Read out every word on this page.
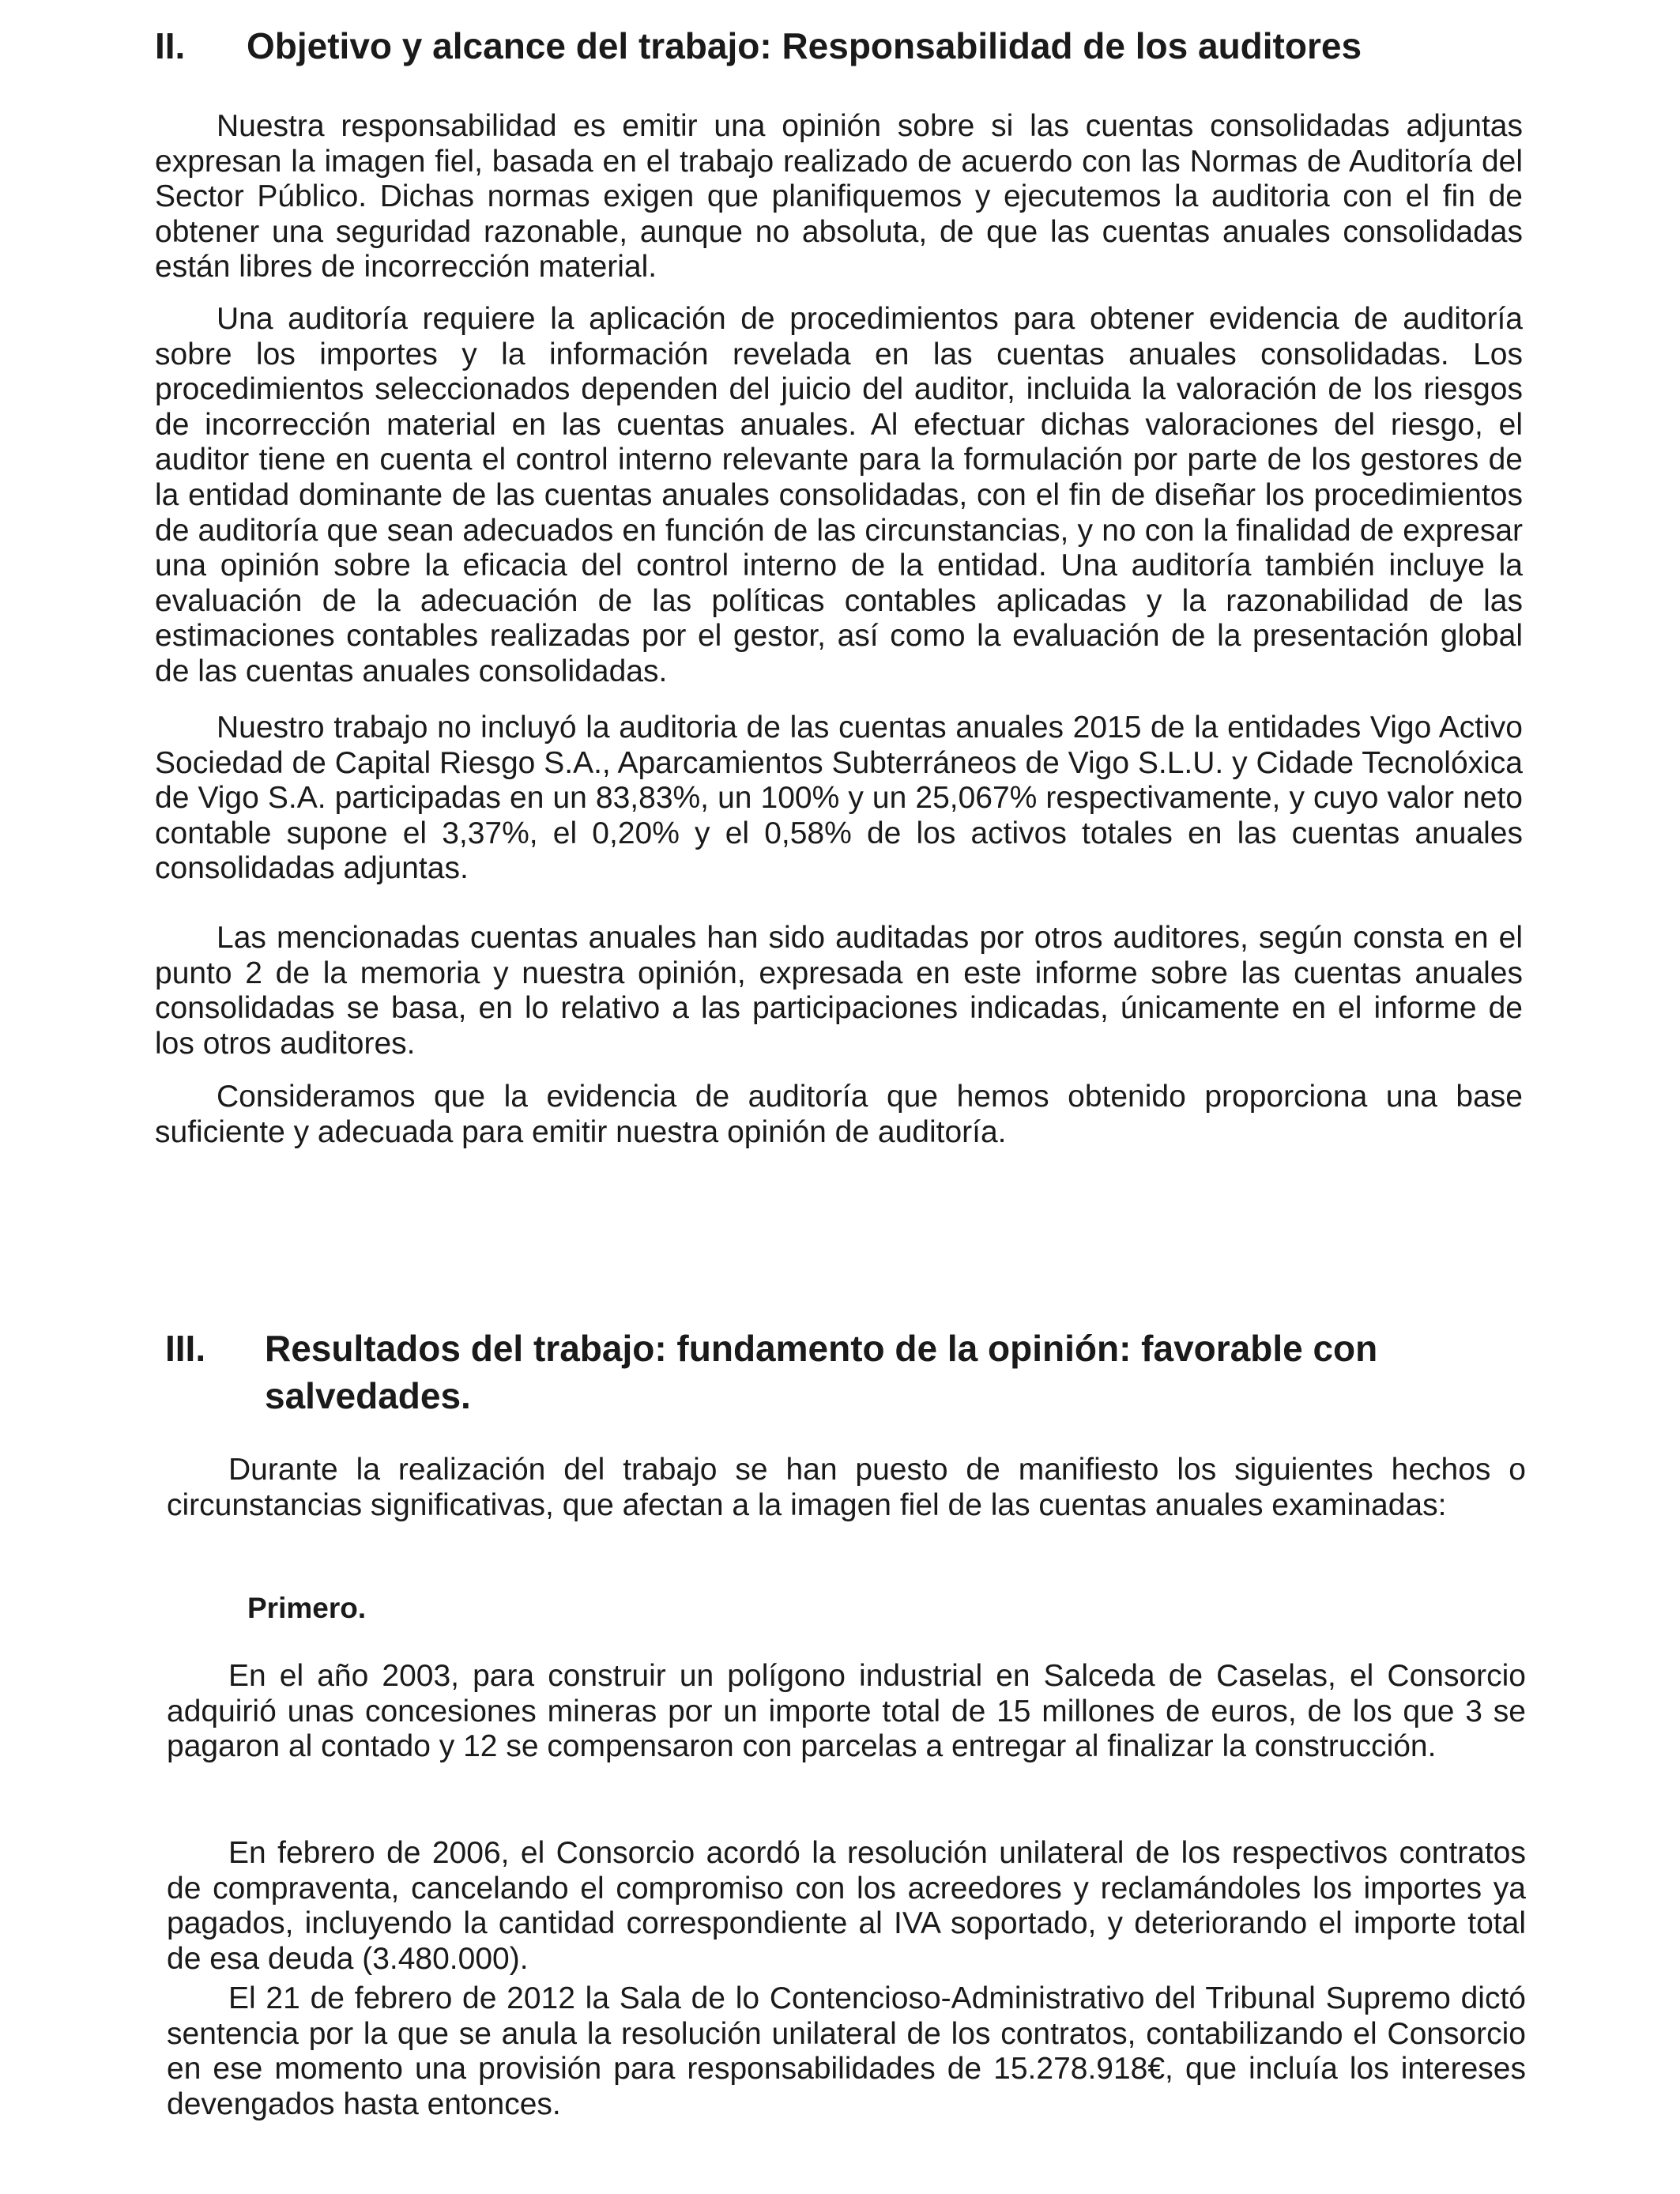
II. Objetivo y alcance del trabajo: Responsabilidad de los auditores

Nuestra responsabilidad es emitir una opinión sobre si las cuentas consolidadas adjuntas expresan la imagen fiel, basada en el trabajo realizado de acuerdo con las Normas de Auditoría del Sector Público. Dichas normas exigen que planifiquemos y ejecutemos la auditoria con el fin de obtener una seguridad razonable, aunque no absoluta, de que las cuentas anuales consolidadas están libres de incorrección material.

Una auditoría requiere la aplicación de procedimientos para obtener evidencia de auditoría sobre los importes y la información revelada en las cuentas anuales consolidadas. Los procedimientos seleccionados dependen del juicio del auditor, incluida la valoración de los riesgos de incorrección material en las cuentas anuales. Al efectuar dichas valoraciones del riesgo, el auditor tiene en cuenta el control interno relevante para la formulación por parte de los gestores de la entidad dominante de las cuentas anuales consolidadas, con el fin de diseñar los procedimientos de auditoría que sean adecuados en función de las circunstancias, y no con la finalidad de expresar una opinión sobre la eficacia del control interno de la entidad. Una auditoría también incluye la evaluación de la adecuación de las políticas contables aplicadas y la razonabilidad de las estimaciones contables realizadas por el gestor, así como la evaluación de la presentación global de las cuentas anuales consolidadas.

Nuestro trabajo no incluyó la auditoria de las cuentas anuales 2015 de la entidades Vigo Activo Sociedad de Capital Riesgo S.A., Aparcamientos Subterráneos de Vigo S.L.U. y Cidade Tecnolóxica de Vigo S.A. participadas en un 83,83%, un 100% y un 25,067% respectivamente, y cuyo valor neto contable supone el 3,37%, el 0,20% y el 0,58% de los activos totales en las cuentas anuales consolidadas adjuntas.

Las mencionadas cuentas anuales han sido auditadas por otros auditores, según consta en el punto 2 de la memoria y nuestra opinión, expresada en este informe sobre las cuentas anuales consolidadas se basa, en lo relativo a las participaciones indicadas, únicamente en el informe de los otros auditores.

Consideramos que la evidencia de auditoría que hemos obtenido proporciona una base suficiente y adecuada para emitir nuestra opinión de auditoría.

III. Resultados del trabajo: fundamento de la opinión: favorable con salvedades.

Durante la realización del trabajo se han puesto de manifiesto los siguientes hechos o circunstancias significativas, que afectan a la imagen fiel de las cuentas anuales examinadas:

Primero.

En el año 2003, para construir un polígono industrial en Salceda de Caselas, el Consorcio adquirió unas concesiones mineras por un importe total de 15 millones de euros, de los que 3 se pagaron al contado y 12 se compensaron con parcelas a entregar al finalizar la construcción.

En febrero de 2006, el Consorcio acordó la resolución unilateral de los respectivos contratos de compraventa, cancelando el compromiso con los acreedores y reclamándoles los importes ya pagados, incluyendo la cantidad correspondiente al IVA soportado, y deteriorando el importe total de esa deuda (3.480.000).

El 21 de febrero de 2012 la Sala de lo Contencioso-Administrativo del Tribunal Supremo dictó sentencia por la que se anula la resolución unilateral de los contratos, contabilizando el Consorcio en ese momento una provisión para responsabilidades de 15.278.918€, que incluía los intereses devengados hasta entonces.
